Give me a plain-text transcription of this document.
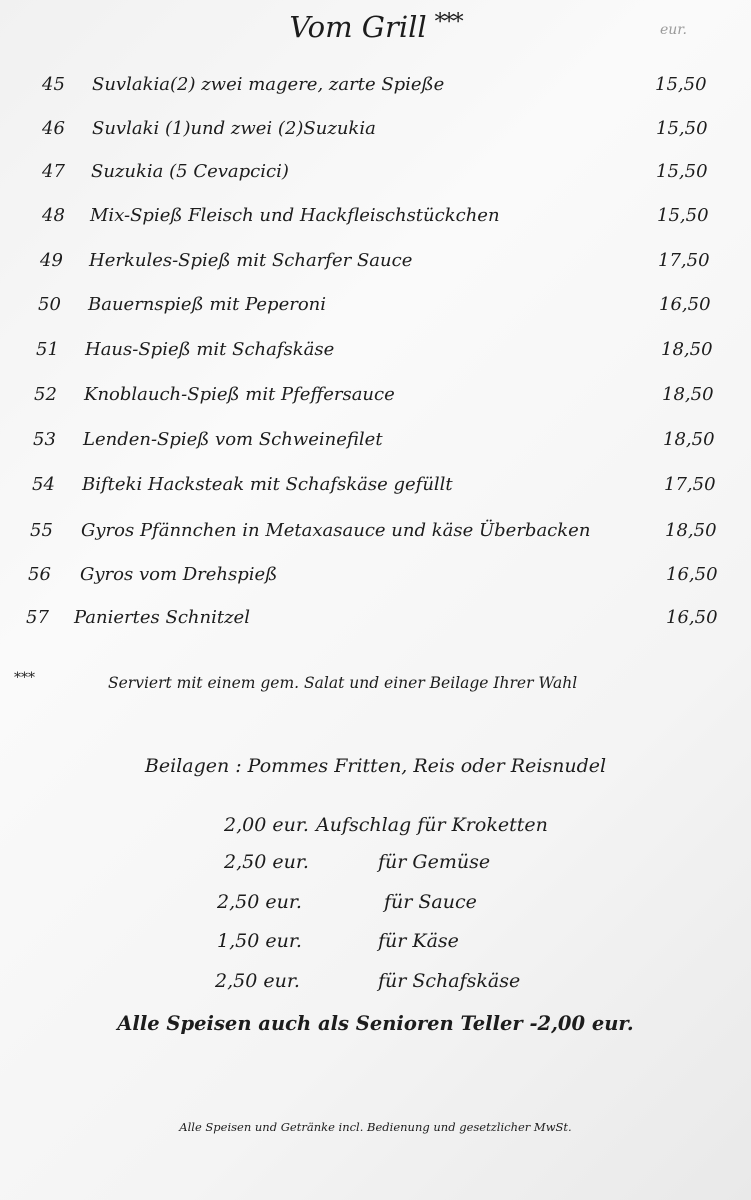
Vom Grill ***	eur.
45 Suvlakia(2) zwei magere, zarte Spieße	15,50
46 Suvlaki (1)und zwei (2)Suzukia	15,50
47 Suzukia (5 Cevapcici)	15,50
48 Mix-Spieß Fleisch und Hackfleischstückchen	15,50
49 Herkules-Spieß mit Scharfer Sauce	17,50
50 Bauernspieß mit Peperoni	16,50
51 Haus-Spieß mit Schafskäse	18,50
52 Knoblauch-Spieß mit Pfeffersauce	18,50
53 Lenden-Spieß vom Schweinefilet	18,50
54 Bifteki Hacksteak mit Schafskäse gefüllt	17,50
55 Gyros Pfännchen in Metaxasauce und käse Überbacken	18,50
56 Gyros vom Drehspieß	16,50
57 Paniertes Schnitzel	16,50
***	Serviert mit einem gem. Salat und einer Beilage Ihrer Wahl
Beilagen : Pommes Fritten, Reis oder Reisnudel
2,00 eur. Aufschlag für Kroketten
2,50 eur.	für Gemüse
2,50 eur.	für Sauce
1,50 eur.	für Käse
2,50 eur.	für Schafskäse
Alle Speisen auch als Senioren Teller -2,00 eur.
Alle Speisen und Getränke incl. Bedienung und gesetzlicher MwSt.
